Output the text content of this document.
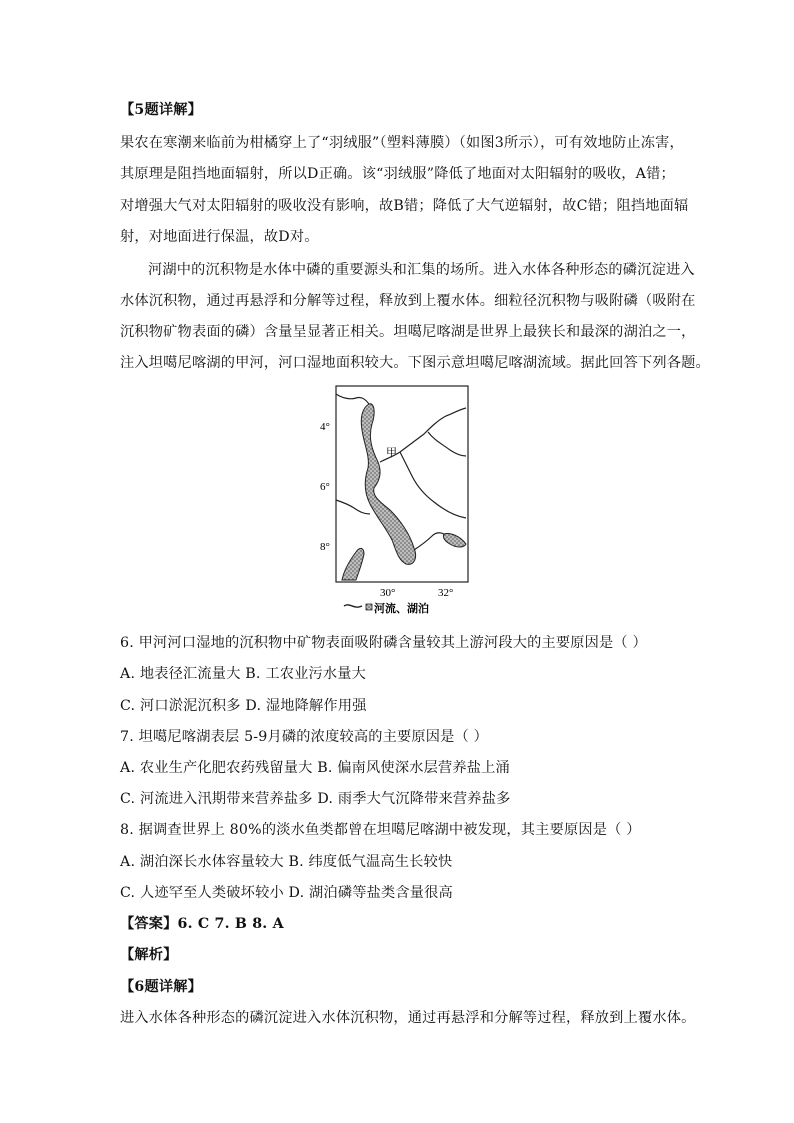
【5题详解】
果农在寒潮来临前为柑橘穿上了“羽绒服”（塑料薄膜）（如图3所示），可有效地防止冻害，
其原理是阻挡地面辐射，所以D正确。该“羽绒服”降低了地面对太阳辐射的吸收，A错；
对增强大气对太阳辐射的吸收没有影响，故B错；降低了大气逆辐射，故C错；阻挡地面辐
射，对地面进行保温，故D对。
河湖中的沉积物是水体中磷的重要源头和汇集的场所。进入水体各种形态的磷沉淀进入
水体沉积物，通过再悬浮和分解等过程，释放到上覆水体。细粒径沉积物与吸附磷（吸附在
沉积物矿物表面的磷）含量呈显著正相关。坦噶尼喀湖是世界上最狭长和最深的湖泊之一，
注入坦噶尼喀湖的甲河，河口湿地面积较大。下图示意坦噶尼喀湖流域。据此回答下列各题。
甲
4°
6°
8°
30°	32°
河流、湖泊
6. 甲河河口湿地的沉积物中矿物表面吸附磷含量较其上游河段大的主要原因是（ ）
A. 地表径汇流量大 B. 工农业污水量大
C. 河口淤泥沉积多 D. 湿地降解作用强
7. 坦噶尼喀湖表层 5-9月磷的浓度较高的主要原因是（ ）
A. 农业生产化肥农药残留量大 B. 偏南风使深水层营养盐上涌
C. 河流进入汛期带来营养盐多 D. 雨季大气沉降带来营养盐多
8. 据调查世界上 80%的淡水鱼类都曾在坦噶尼喀湖中被发现，其主要原因是（ ）
A. 湖泊深长水体容量较大 B. 纬度低气温高生长较快
C. 人迹罕至人类破坏较小 D. 湖泊磷等盐类含量很高
【答案】6. C 7. B 8. A
【解析】
【6题详解】
进入水体各种形态的磷沉淀进入水体沉积物，通过再悬浮和分解等过程，释放到上覆水体。
